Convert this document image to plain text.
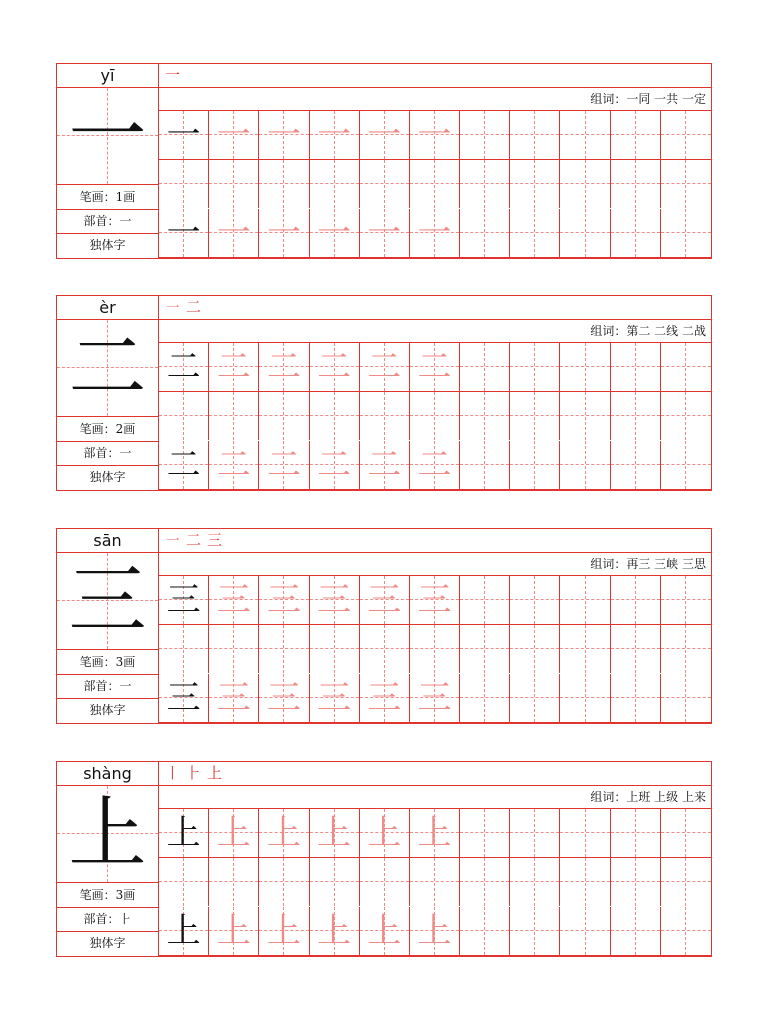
yī
一
笔画：1画
部首：一
独体字
一
组词：一同 一共 一定
一 一 一 一 一 一
一 一 一 一 一 一
èr
二
笔画：2画
部首：一
独体字
㇐ 二
组词：第二 二线 二战
二 二 二 二 二 二
二 二 二 二 二 二
sān
三
笔画：3画
部首：一
独体字
㇐ 二 三
组词：再三 三峡 三思
三 三 三 三 三 三
三 三 三 三 三 三
shàng
上
笔画：3画
部首：⺊
独体字
丨 ⺊ 上
组词：上班 上级 上来
上 上 上 上 上 上
上 上 上 上 上 上
